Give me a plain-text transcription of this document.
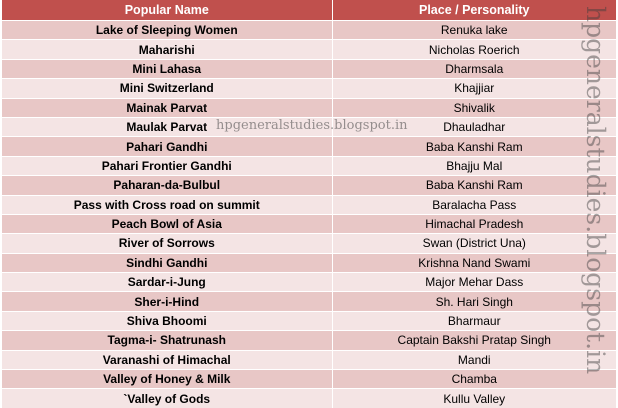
Popular Name	Place / Personality
Lake of Sleeping Women	Renuka lake
Maharishi	Nicholas Roerich
Mini Lahasa	Dharmsala
Mini Switzerland	Khajjiar
Mainak Parvat	Shivalik
Maulak Parvat	Dhauladhar
Pahari Gandhi	Baba Kanshi Ram
Pahari Frontier Gandhi	Bhajju Mal
Paharan-da-Bulbul	Baba Kanshi Ram
Pass with Cross road on summit	Baralacha Pass
Peach Bowl of Asia	Himachal Pradesh
River of Sorrows	Swan (District Una)
Sindhi Gandhi	Krishna Nand Swami
Sardar-i-Jung	Major Mehar Dass
Sher-i-Hind	Sh. Hari Singh
Shiva Bhoomi	Bharmaur
Tagma-i- Shatrunash	Captain Bakshi Pratap Singh
Varanashi of Himachal	Mandi
Valley of Honey & Milk	Chamba
`Valley of Gods	Kullu Valley
hpgeneralstudies.blogspot.in	hpgeneralstudies.blogspot.in
